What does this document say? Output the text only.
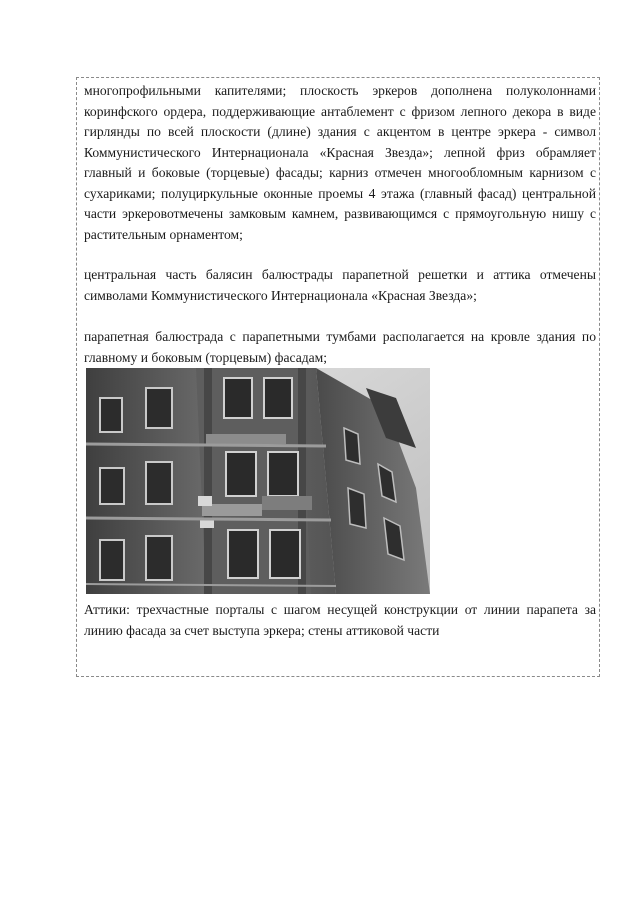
многопрофильными капителями; плоскость эркеров дополнена полуколоннами коринфского ордера, поддерживающие антаблемент с фризом лепного декора в виде гирлянды по всей плоскости (длине) здания с акцентом в центре эркера - символ Коммунистического Интернационала «Красная Звезда»; лепной фриз обрамляет главный и боковые (торцевые) фасады; карниз отмечен многообломным карнизом с сухариками; полуциркульные оконные проемы 4 этажа (главный фасад) центральной части эркеровотмечены замковым камнем, развивающимся с прямоугольную нишу с растительным орнаментом;

центральная часть балясин балюстрады парапетной решетки и аттика отмечены символами Коммунистического Интернационала «Красная Звезда»;

парапетная балюстрада с парапетными тумбами располагается на кровле здания по главному и боковым (торцевым) фасадам;

Аттики: трехчастные порталы с шагом несущей конструкции от линии парапета за линию фасада за счет выступа эркера; стены аттиковой части
